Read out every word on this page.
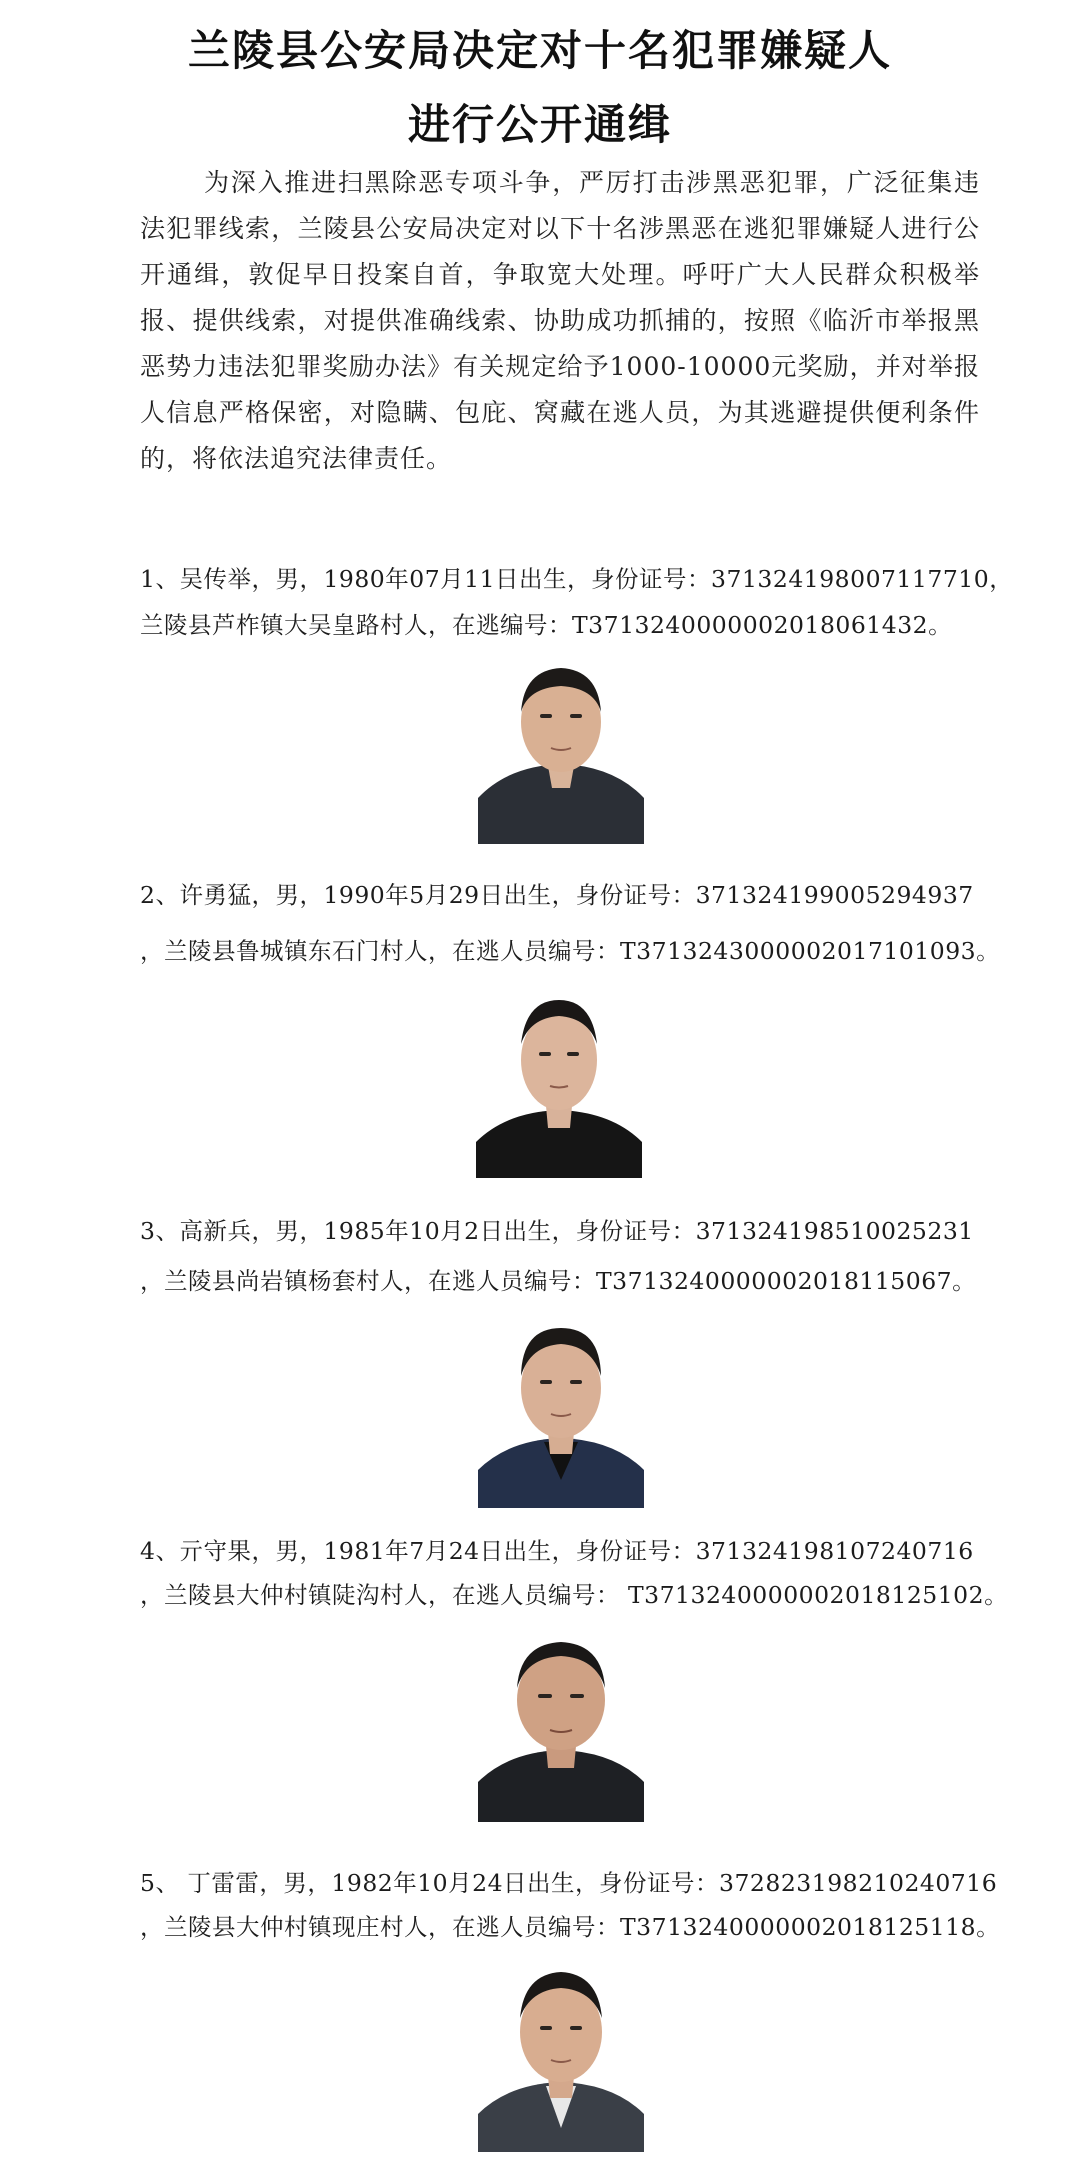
兰陵县公安局决定对十名犯罪嫌疑人
进行公开通缉
为深入推进扫黑除恶专项斗争，严厉打击涉黑恶犯罪，广泛征集违法犯罪线索，兰陵县公安局决定对以下十名涉黑恶在逃犯罪嫌疑人进行公开通缉，敦促早日投案自首，争取宽大处理。呼吁广大人民群众积极举报、提供线索，对提供准确线索、协助成功抓捕的，按照《临沂市举报黑恶势力违法犯罪奖励办法》有关规定给予1000-10000元奖励，并对举报人信息严格保密，对隐瞒、包庇、窝藏在逃人员，为其逃避提供便利条件的，将依法追究法律责任。
1、吴传举，男，1980年07月11日出生，身份证号：371324198007117710，
兰陵县芦柞镇大吴皇路村人，在逃编号：T3713240000002018061432。
2、许勇猛，男，1990年5月29日出生，身份证号：371324199005294937
，兰陵县鲁城镇东石门村人，在逃人员编号：T3713243000002017101093。
3、高新兵，男，1985年10月2日出生，身份证号：371324198510025231
，兰陵县尚岩镇杨套村人，在逃人员编号：T3713240000002018115067。
4、亓守果，男，1981年7月24日出生，身份证号：371324198107240716
，兰陵县大仲村镇陡沟村人，在逃人员编号： T3713240000002018125102。
5、 丁雷雷，男，1982年10月24日出生，身份证号：372823198210240716
，兰陵县大仲村镇现庄村人，在逃人员编号：T3713240000002018125118。
